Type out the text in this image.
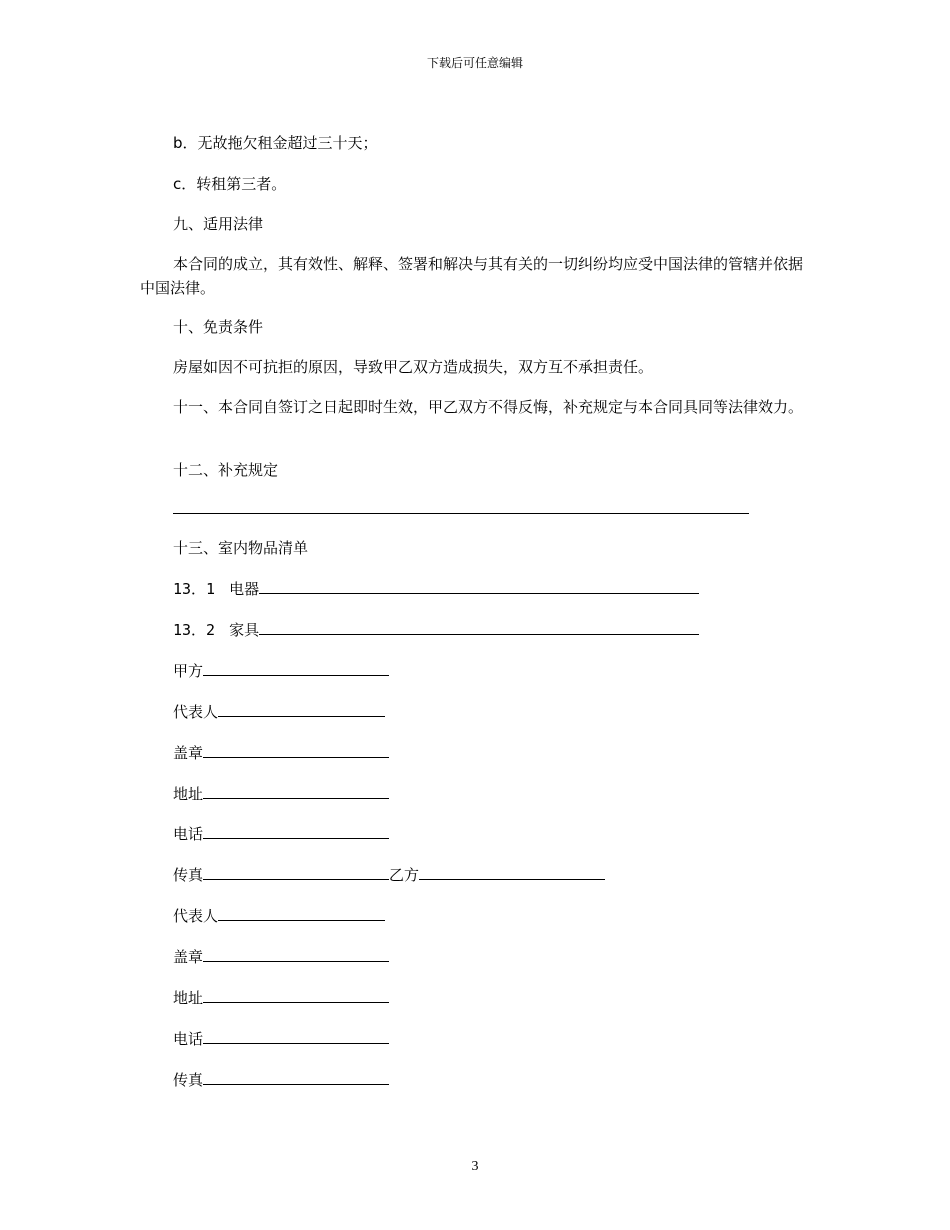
下载后可任意编辑
b．无故拖欠租金超过三十天；
c．转租第三者。
九、适用法律
本合同的成立，其有效性、解释、签署和解决与其有关的一切纠纷均应受中国法律的管辖并依据中国法律。
十、免责条件
房屋如因不可抗拒的原因，导致甲乙双方造成损失，双方互不承担责任。
十一、本合同自签订之日起即时生效，甲乙双方不得反悔，补充规定与本合同具同等法律效力。
十二、补充规定
十三、室内物品清单
13．1 电器
13．2 家具
甲方
代表人
盖章
地址
电话
传真	乙方
代表人
盖章
地址
电话
传真
3
